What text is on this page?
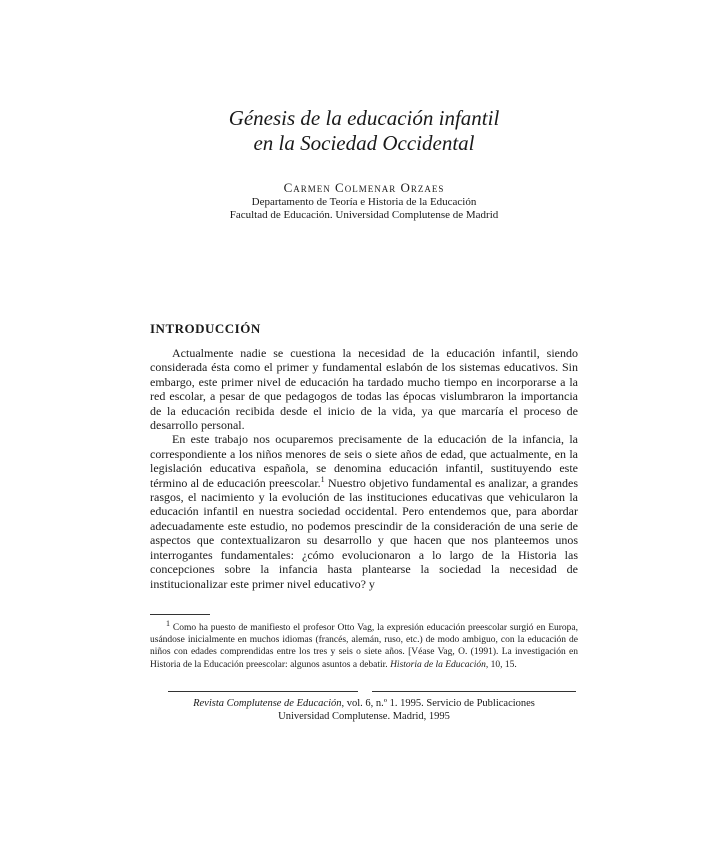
Génesis de la educación infantil
en la Sociedad Occidental
Carmen Colmenar Orzaes
Departamento de Teoría e Historia de la Educación
Facultad de Educación. Universidad Complutense de Madrid
INTRODUCCIÓN

Actualmente nadie se cuestiona la necesidad de la educación infantil, siendo considerada ésta como el primer y fundamental eslabón de los sistemas educativos. Sin embargo, este primer nivel de educación ha tardado mucho tiempo en incorporarse a la red escolar, a pesar de que pedagogos de todas las épocas vislumbraron la importancia de la educación recibida desde el inicio de la vida, ya que marcaría el proceso de desarrollo personal.

En este trabajo nos ocuparemos precisamente de la educación de la infancia, la correspondiente a los niños menores de seis o siete años de edad, que actualmente, en la legislación educativa española, se denomina educación infantil, sustituyendo este término al de educación preescolar.$^1$ Nuestro objetivo fundamental es analizar, a grandes rasgos, el nacimiento y la evolución de las instituciones educativas que vehicularon la educación infantil en nuestra sociedad occidental. Pero entendemos que, para abordar adecuadamente este estudio, no podemos prescindir de la consideración de una serie de aspectos que contextualizaron su desarrollo y que hacen que nos planteemos unos interrogantes fundamentales: ¿cómo evolucionaron a lo largo de la Historia las concepciones sobre la infancia hasta plantearse la sociedad la necesidad de institucionalizar este primer nivel educativo? y

$^1$ Como ha puesto de manifiesto el profesor Otto Vag, la expresión educación preescolar surgió en Europa, usándose inicialmente en muchos idiomas (francés, alemán, ruso, etc.) de modo ambiguo, con la educación de niños con edades comprendidas entre los tres y seis o siete años. [Véase Vag, O. (1991). La investigación en Historia de la Educación preescolar: algunos asuntos a debatir. Historia de la Educación, 10, 15.

Revista Complutense de Educación, vol. 6, n.º 1. 1995. Servicio de Publicaciones
Universidad Complutense. Madrid, 1995
